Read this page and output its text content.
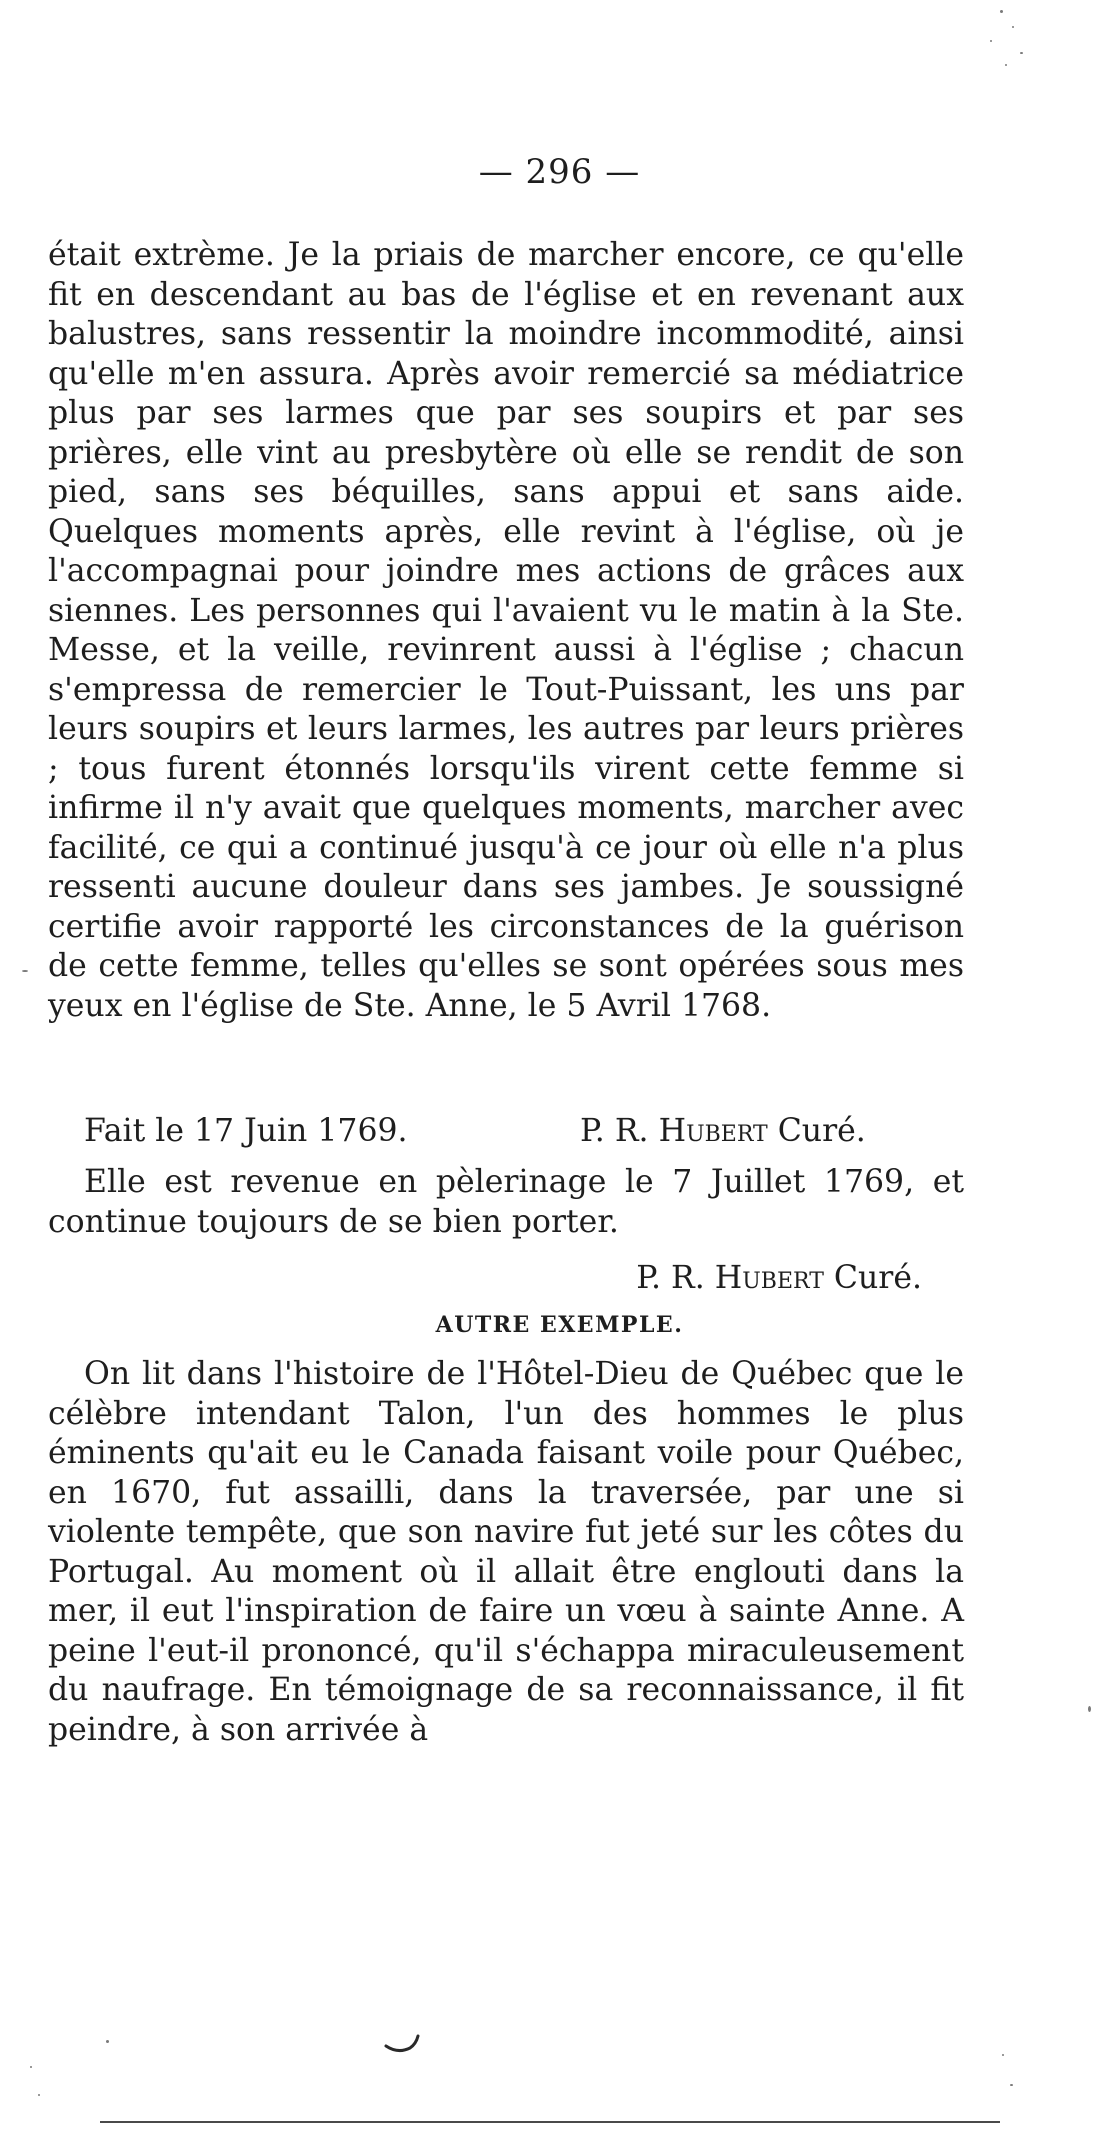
— 296 —

était extrème. Je la priais de marcher encore, ce qu'elle fit en descendant au bas de l'église et en revenant aux balustres, sans ressentir la moindre incommodité, ainsi qu'elle m'en assura. Après avoir remercié sa médiatrice plus par ses larmes que par ses soupirs et par ses prières, elle vint au presbytère où elle se rendit de son pied, sans ses béquilles, sans appui et sans aide. Quelques moments après, elle revint à l'église, où je l'accompagnai pour joindre mes actions de grâces aux siennes. Les personnes qui l'avaient vu le matin à la Ste. Messe, et la veille, revinrent aussi à l'église ; chacun s'empressa de remercier le Tout-Puissant, les uns par leurs soupirs et leurs larmes, les autres par leurs prières ; tous furent étonnés lorsqu'ils virent cette femme si infirme il n'y avait que quelques moments, marcher avec facilité, ce qui a continué jusqu'à ce jour où elle n'a plus ressenti aucune douleur dans ses jambes. Je soussigné certifie avoir rapporté les circonstances de la guérison de cette femme, telles qu'elles se sont opérées sous mes yeux en l'église de Ste. Anne, le 5 Avril 1768.

Fait le 17 Juin 1769.	P. R. Hubert Curé.

Elle est revenue en pèlerinage le 7 Juillet 1769, et continue toujours de se bien porter.

P. R. Hubert Curé.
AUTRE EXEMPLE.

On lit dans l'histoire de l'Hôtel-Dieu de Québec que le célèbre intendant Talon, l'un des hommes le plus éminents qu'ait eu le Canada faisant voile pour Québec, en 1670, fut assailli, dans la traversée, par une si violente tempête, que son navire fut jeté sur les côtes du Portugal. Au moment où il allait être englouti dans la mer, il eut l'inspiration de faire un vœu à sainte Anne. A peine l'eut-il prononcé, qu'il s'échappa miraculeusement du naufrage. En témoignage de sa reconnaissance, il fit peindre, à son arrivée à
